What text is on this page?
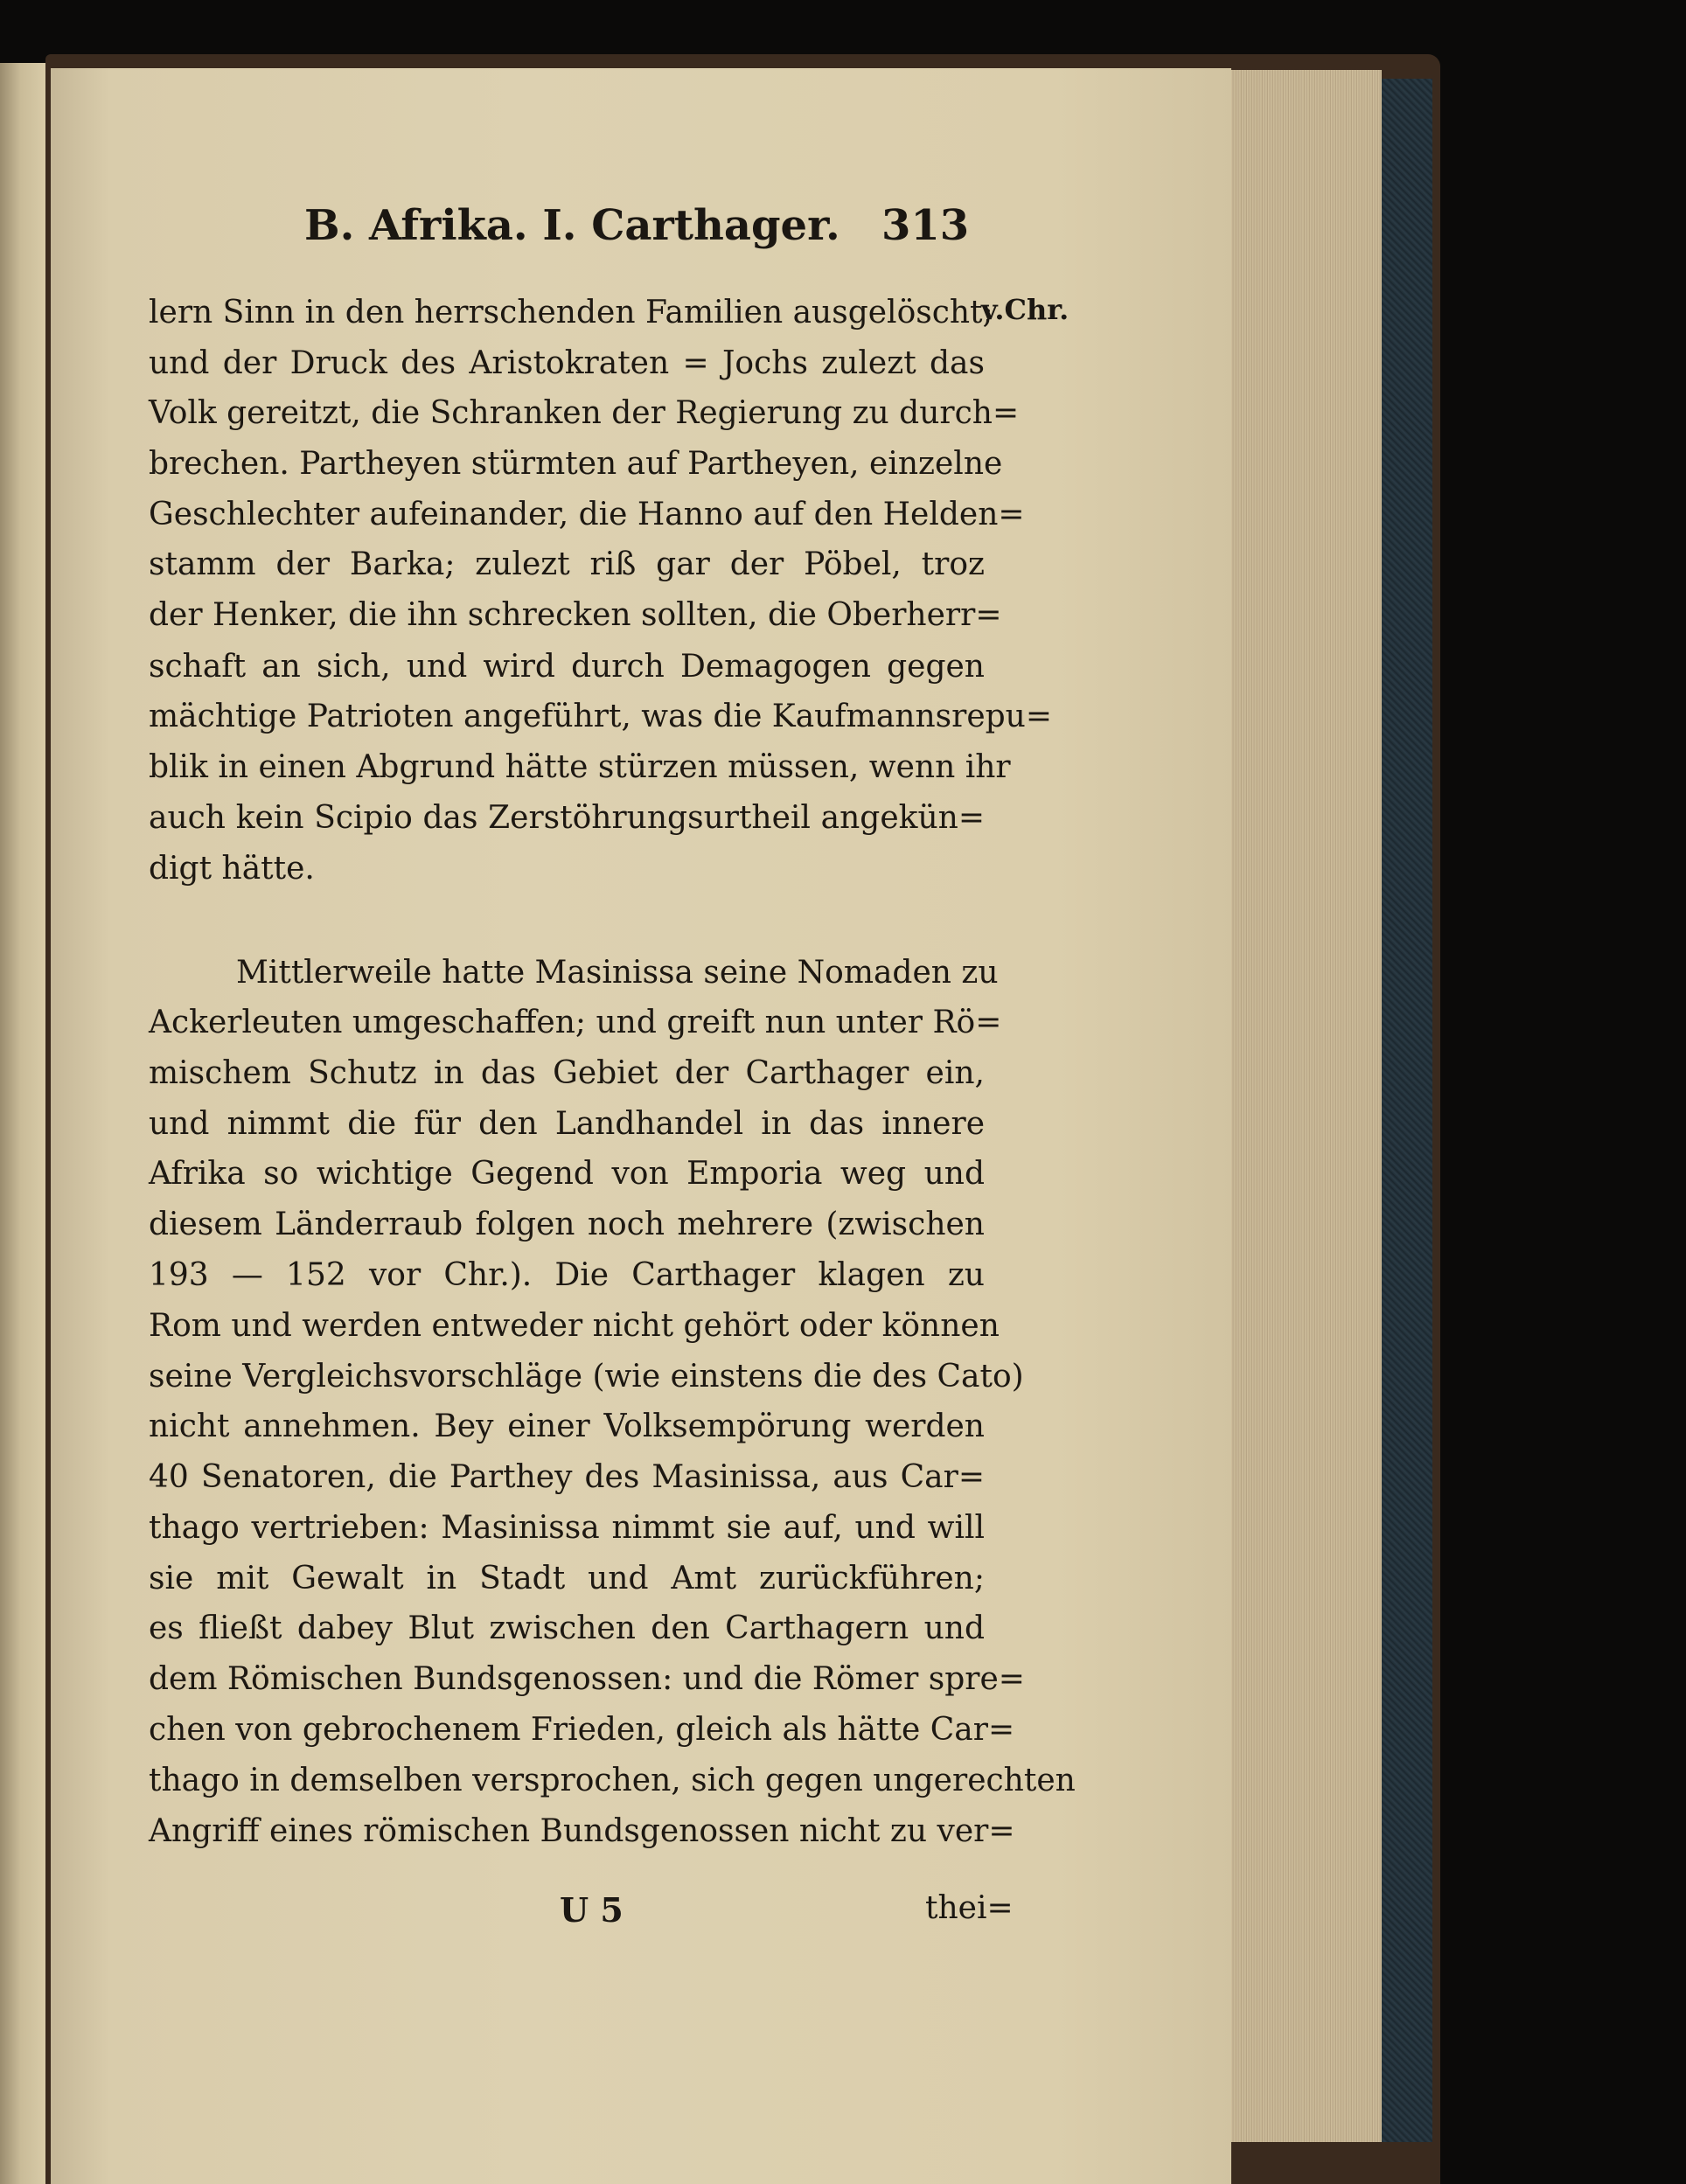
B. Afrika. I. Carthager. 313
v.Chr.
lern Sinn in den herrschenden Familien ausgelöscht;
und der Druck des Aristokraten = Jochs zulezt das
Volk gereitzt, die Schranken der Regierung zu durch=
brechen. Partheyen stürmten auf Partheyen, einzelne
Geschlechter aufeinander, die Hanno auf den Helden=
stamm der Barka; zulezt riß gar der Pöbel, troz
der Henker, die ihn schrecken sollten, die Oberherr=
schaft an sich, und wird durch Demagogen gegen
mächtige Patrioten angeführt, was die Kaufmannsrepu=
blik in einen Abgrund hätte stürzen müssen, wenn ihr
auch kein Scipio das Zerstöhrungsurtheil angekün=
digt hätte.
Mittlerweile hatte Masinissa seine Nomaden zu
Ackerleuten umgeschaffen; und greift nun unter Rö=
mischem Schutz in das Gebiet der Carthager ein,
und nimmt die für den Landhandel in das innere
Afrika so wichtige Gegend von Emporia weg und
diesem Länderraub folgen noch mehrere (zwischen
193 — 152 vor Chr.). Die Carthager klagen zu
Rom und werden entweder nicht gehört oder können
seine Vergleichsvorschläge (wie einstens die des Cato)
nicht annehmen. Bey einer Volksempörung werden
40 Senatoren, die Parthey des Masinissa, aus Car=
thago vertrieben: Masinissa nimmt sie auf, und will
sie mit Gewalt in Stadt und Amt zurückführen;
es fließt dabey Blut zwischen den Carthagern und
dem Römischen Bundsgenossen: und die Römer spre=
chen von gebrochenem Frieden, gleich als hätte Car=
thago in demselben versprochen, sich gegen ungerechten
Angriff eines römischen Bundsgenossen nicht zu ver=
U 5	thei=
